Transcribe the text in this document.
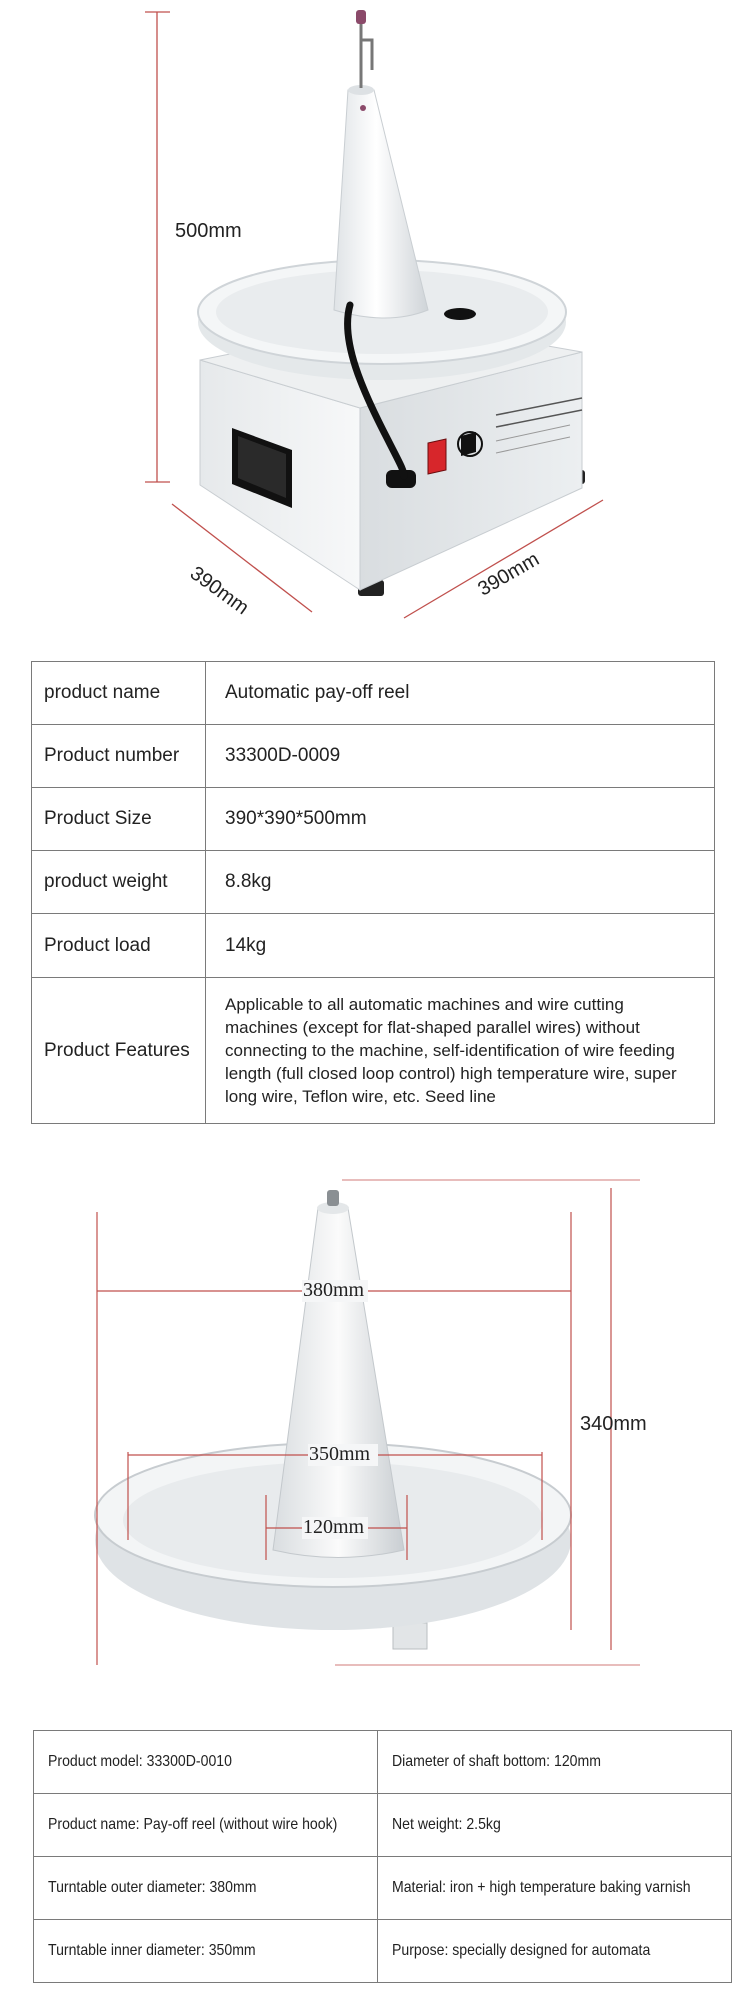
500mm
390mm	390mm
product name	Automatic pay-off reel
Product number	33300D-0009
Product Size	390*390*500mm
product weight	8.8kg
Product load	14kg
Product Features	Applicable to all automatic machines and wire cutting machines (except for flat-shaped parallel wires) without connecting to the machine, self-identification of wire feeding length (full closed loop control) high temperature wire, super long wire, Teflon wire, etc. Seed line
380mm
350mm
120mm
340mm
Product model: 33300D-0010	Diameter of shaft bottom: 120mm
Product name: Pay-off reel (without wire hook)	Net weight: 2.5kg
Turntable outer diameter: 380mm	Material: iron + high temperature baking varnish
Turntable inner diameter: 350mm	Purpose: specially designed for automata
